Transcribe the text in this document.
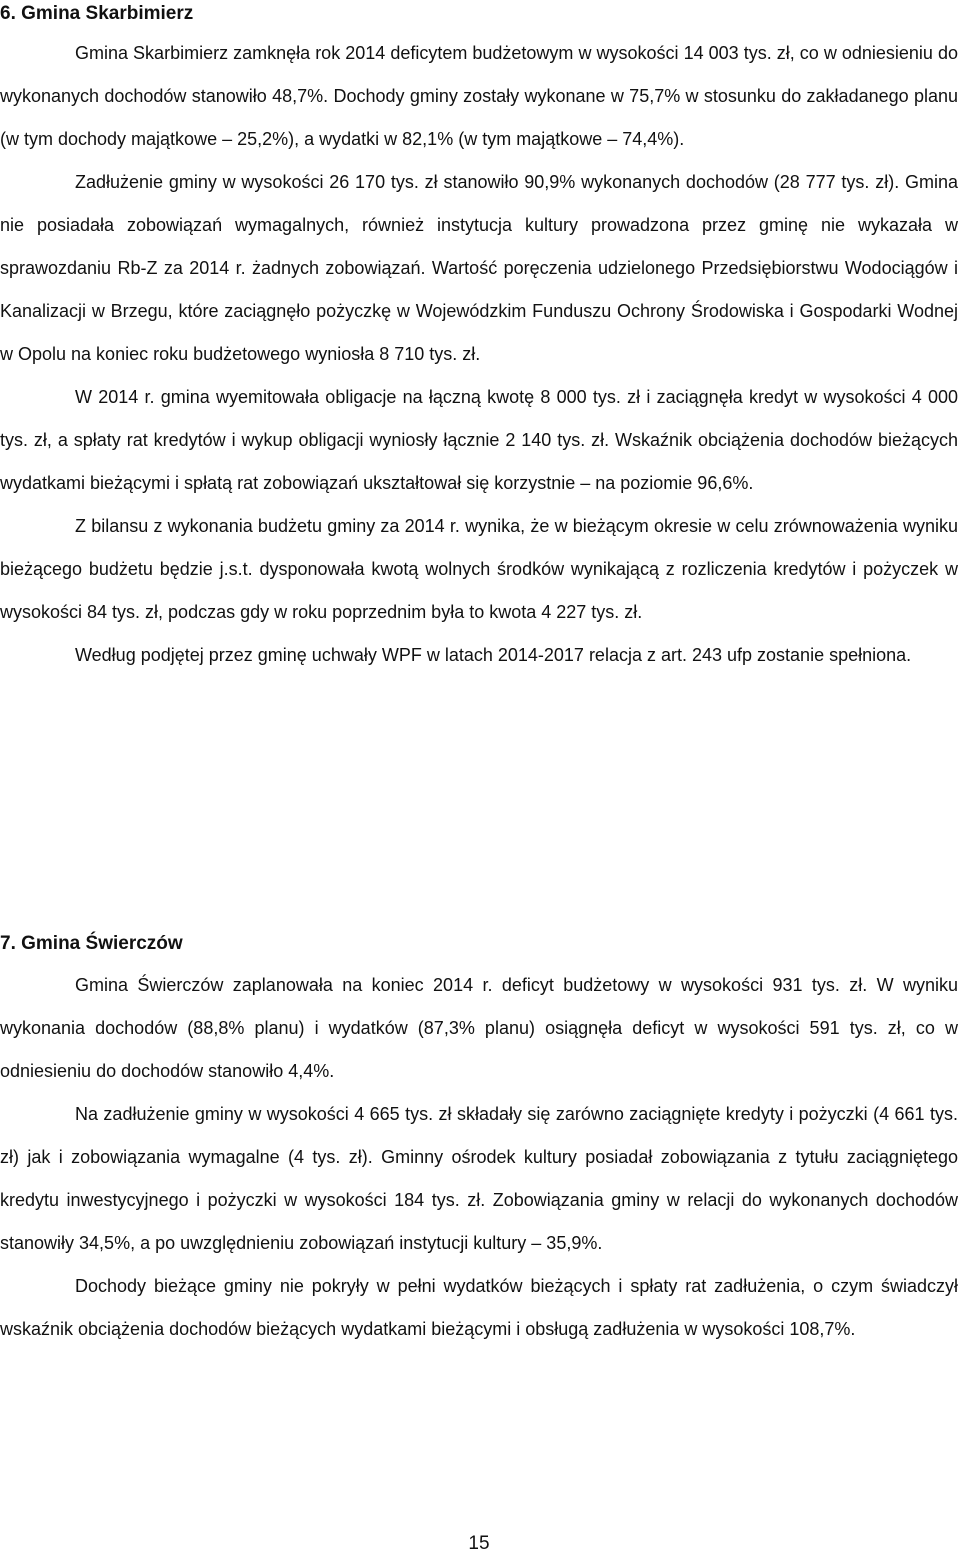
6. Gmina Skarbimierz

Gmina Skarbimierz zamknęła rok 2014 deficytem budżetowym w wysokości 14 003 tys. zł, co w odniesieniu do wykonanych dochodów stanowiło 48,7%. Dochody gminy zostały wykonane w 75,7% w stosunku do zakładanego planu (w tym dochody majątkowe – 25,2%), a wydatki w 82,1% (w tym majątkowe – 74,4%).

Zadłużenie gminy w wysokości 26 170 tys. zł stanowiło 90,9% wykonanych dochodów (28 777 tys. zł). Gmina nie posiadała zobowiązań wymagalnych, również instytucja kultury prowadzona przez gminę nie wykazała w sprawozdaniu Rb-Z za 2014 r. żadnych zobowiązań. Wartość poręczenia udzielonego Przedsiębiorstwu Wodociągów i Kanalizacji w Brzegu, które zaciągnęło pożyczkę w Wojewódzkim Funduszu Ochrony Środowiska i Gospodarki Wodnej w Opolu na koniec roku budżetowego wyniosła 8 710 tys. zł.

W 2014 r. gmina wyemitowała obligacje na łączną kwotę 8 000 tys. zł i zaciągnęła kredyt w wysokości 4 000 tys. zł, a spłaty rat kredytów i wykup obligacji wyniosły łącznie 2 140 tys. zł. Wskaźnik obciążenia dochodów bieżących wydatkami bieżącymi i spłatą rat zobowiązań ukształtował się korzystnie – na poziomie 96,6%.

Z bilansu z wykonania budżetu gminy za 2014 r. wynika, że w bieżącym okresie w celu zrównoważenia wyniku bieżącego budżetu będzie j.s.t. dysponowała kwotą wolnych środków wynikającą z rozliczenia kredytów i pożyczek w wysokości 84 tys. zł, podczas gdy w roku poprzednim była to kwota 4 227 tys. zł.

Według podjętej przez gminę uchwały WPF w latach 2014-2017 relacja z art. 243 ufp zostanie spełniona.

7. Gmina Świerczów

Gmina Świerczów zaplanowała na koniec 2014 r. deficyt budżetowy w wysokości 931 tys. zł. W wyniku wykonania dochodów (88,8% planu) i wydatków (87,3% planu) osiągnęła deficyt w wysokości 591 tys. zł, co w odniesieniu do dochodów stanowiło 4,4%.

Na zadłużenie gminy w wysokości 4 665 tys. zł składały się zarówno zaciągnięte kredyty i pożyczki (4 661 tys. zł) jak i zobowiązania wymagalne (4 tys. zł). Gminny ośrodek kultury posiadał zobowiązania z tytułu zaciągniętego kredytu inwestycyjnego i pożyczki w wysokości 184 tys. zł. Zobowiązania gminy w relacji do wykonanych dochodów stanowiły 34,5%, a po uwzględnieniu zobowiązań instytucji kultury – 35,9%.

Dochody bieżące gminy nie pokryły w pełni wydatków bieżących i spłaty rat zadłużenia, o czym świadczył wskaźnik obciążenia dochodów bieżących wydatkami bieżącymi i obsługą zadłużenia w wysokości 108,7%.

15
